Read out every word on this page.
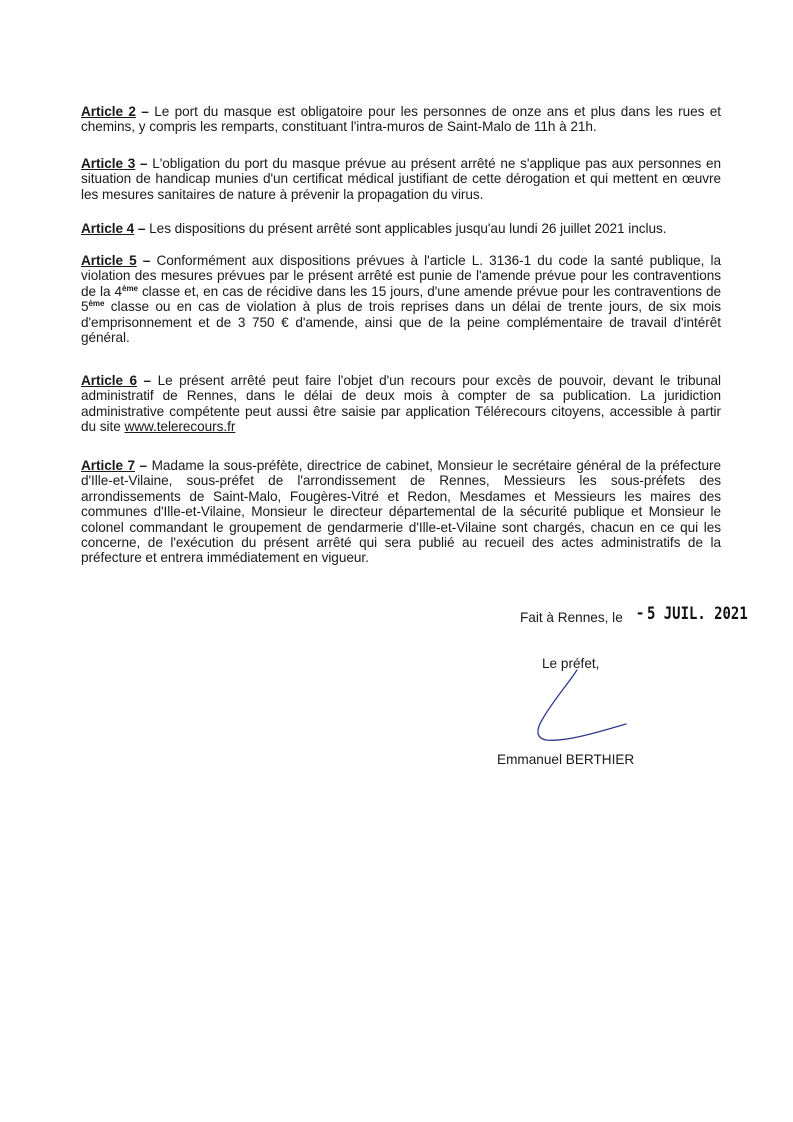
Article 2 – Le port du masque est obligatoire pour les personnes de onze ans et plus dans les rues et chemins, y compris les remparts, constituant l'intra-muros de Saint-Malo de 11h à 21h.

Article 3 – L'obligation du port du masque prévue au présent arrêté ne s'applique pas aux personnes en situation de handicap munies d'un certificat médical justifiant de cette dérogation et qui mettent en œuvre les mesures sanitaires de nature à prévenir la propagation du virus.

Article 4 – Les dispositions du présent arrêté sont applicables jusqu'au lundi 26 juillet 2021 inclus.

Article 5 – Conformément aux dispositions prévues à l'article L. 3136-1 du code la santé publique, la violation des mesures prévues par le présent arrêté est punie de l'amende prévue pour les contraventions de la 4ème classe et, en cas de récidive dans les 15 jours, d'une amende prévue pour les contraventions de 5ème classe ou en cas de violation à plus de trois reprises dans un délai de trente jours, de six mois d'emprisonnement et de 3 750 € d'amende, ainsi que de la peine complémentaire de travail d'intérêt général.

Article 6 – Le présent arrêté peut faire l'objet d'un recours pour excès de pouvoir, devant le tribunal administratif de Rennes, dans le délai de deux mois à compter de sa publication. La juridiction administrative compétente peut aussi être saisie par application Télérecours citoyens, accessible à partir du site www.telerecours.fr

Article 7 – Madame la sous-préfète, directrice de cabinet, Monsieur le secrétaire général de la préfecture d'Ille-et-Vilaine, sous-préfet de l'arrondissement de Rennes, Messieurs les sous-préfets des arrondissements de Saint-Malo, Fougères-Vitré et Redon, Mesdames et Messieurs les maires des communes d'Ille-et-Vilaine, Monsieur le directeur départemental de la sécurité publique et Monsieur le colonel commandant le groupement de gendarmerie d'Ille-et-Vilaine sont chargés, chacun en ce qui les concerne, de l'exécution du présent arrêté qui sera publié au recueil des actes administratifs de la préfecture et entrera immédiatement en vigueur.

Fait à Rennes, le - 5 JUIL. 2021
Le préfet,
Emmanuel BERTHIER
